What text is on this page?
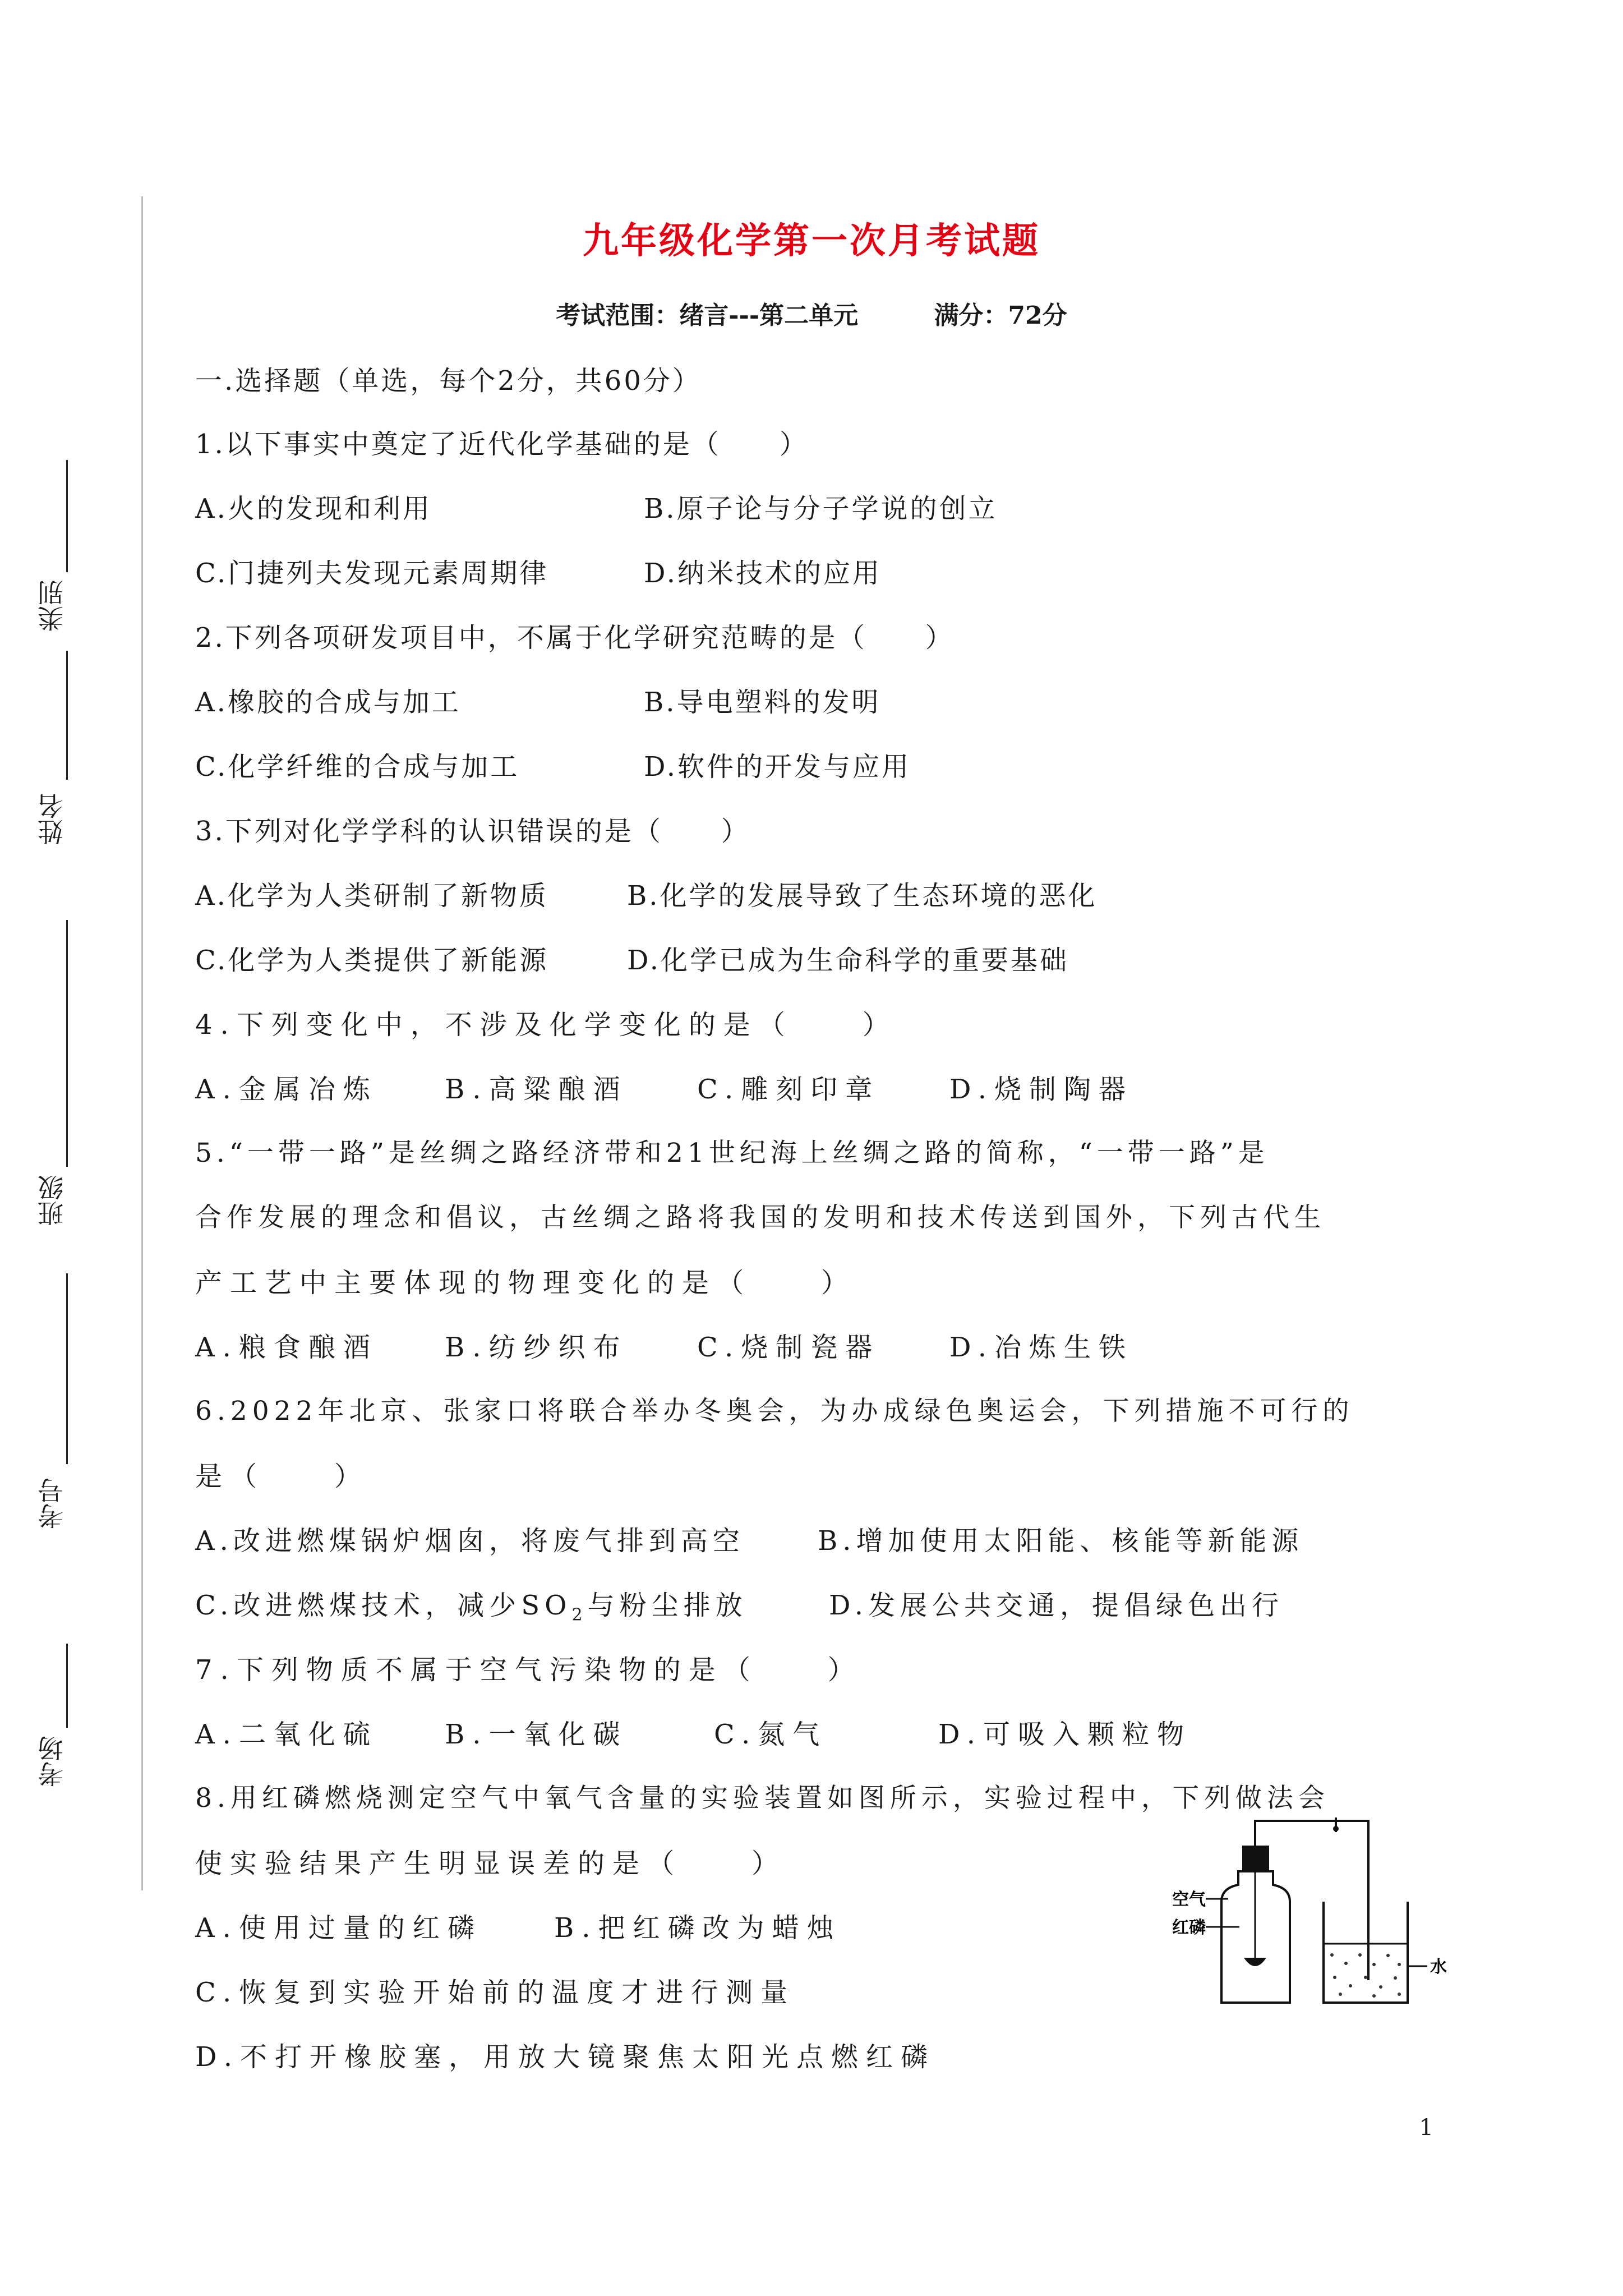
类别
姓名
班级
考号
考场
九年级化学第一次月考试题
考试范围：绪言---第二单元	满分：72分
一.选择题（单选，每个2分，共60分）
1.以下事实中奠定了近代化学基础的是（　　）
A.火的发现和利用	B.原子论与分子学说的创立
C.门捷列夫发现元素周期律	D.纳米技术的应用
2.下列各项研发项目中，不属于化学研究范畴的是（　　）
A.橡胶的合成与加工	B.导电塑料的发明
C.化学纤维的合成与加工	D.软件的开发与应用
3.下列对化学学科的认识错误的是（　　）
A.化学为人类研制了新物质	B.化学的发展导致了生态环境的恶化
C.化学为人类提供了新能源	D.化学已成为生命科学的重要基础
4.下列变化中，不涉及化学变化的是（　　）
A.金属冶炼 B.高粱酿酒	C.雕刻印章	D.烧制陶器
5.“一带一路”是丝绸之路经济带和21世纪海上丝绸之路的简称，“一带一路”是
合作发展的理念和倡议，古丝绸之路将我国的发明和技术传送到国外，下列古代生
产工艺中主要体现的物理变化的是（　　）
A.粮食酿酒 B.纺纱织布	C.烧制瓷器	D.冶炼生铁
6.2022年北京、张家口将联合举办冬奥会，为办成绿色奥运会，下列措施不可行的
是（　　）
A.改进燃煤锅炉烟囱，将废气排到高空	B.增加使用太阳能、核能等新能源
C.改进燃煤技术，减少$SO_2$与粉尘排放	D.发展公共交通，提倡绿色出行
7.下列物质不属于空气污染物的是（　　）
A.二氧化硫 B.一氧化碳	C.氮气	D.可吸入颗粒物
8.用红磷燃烧测定空气中氧气含量的实验装置如图所示，实验过程中，下列做法会
使实验结果产生明显误差的是（　　）
A.使用过量的红磷	B.把红磷改为蜡烛
C.恢复到实验开始前的温度才进行测量
D.不打开橡胶塞，用放大镜聚焦太阳光点燃红磷
空气
红磷
水
1
